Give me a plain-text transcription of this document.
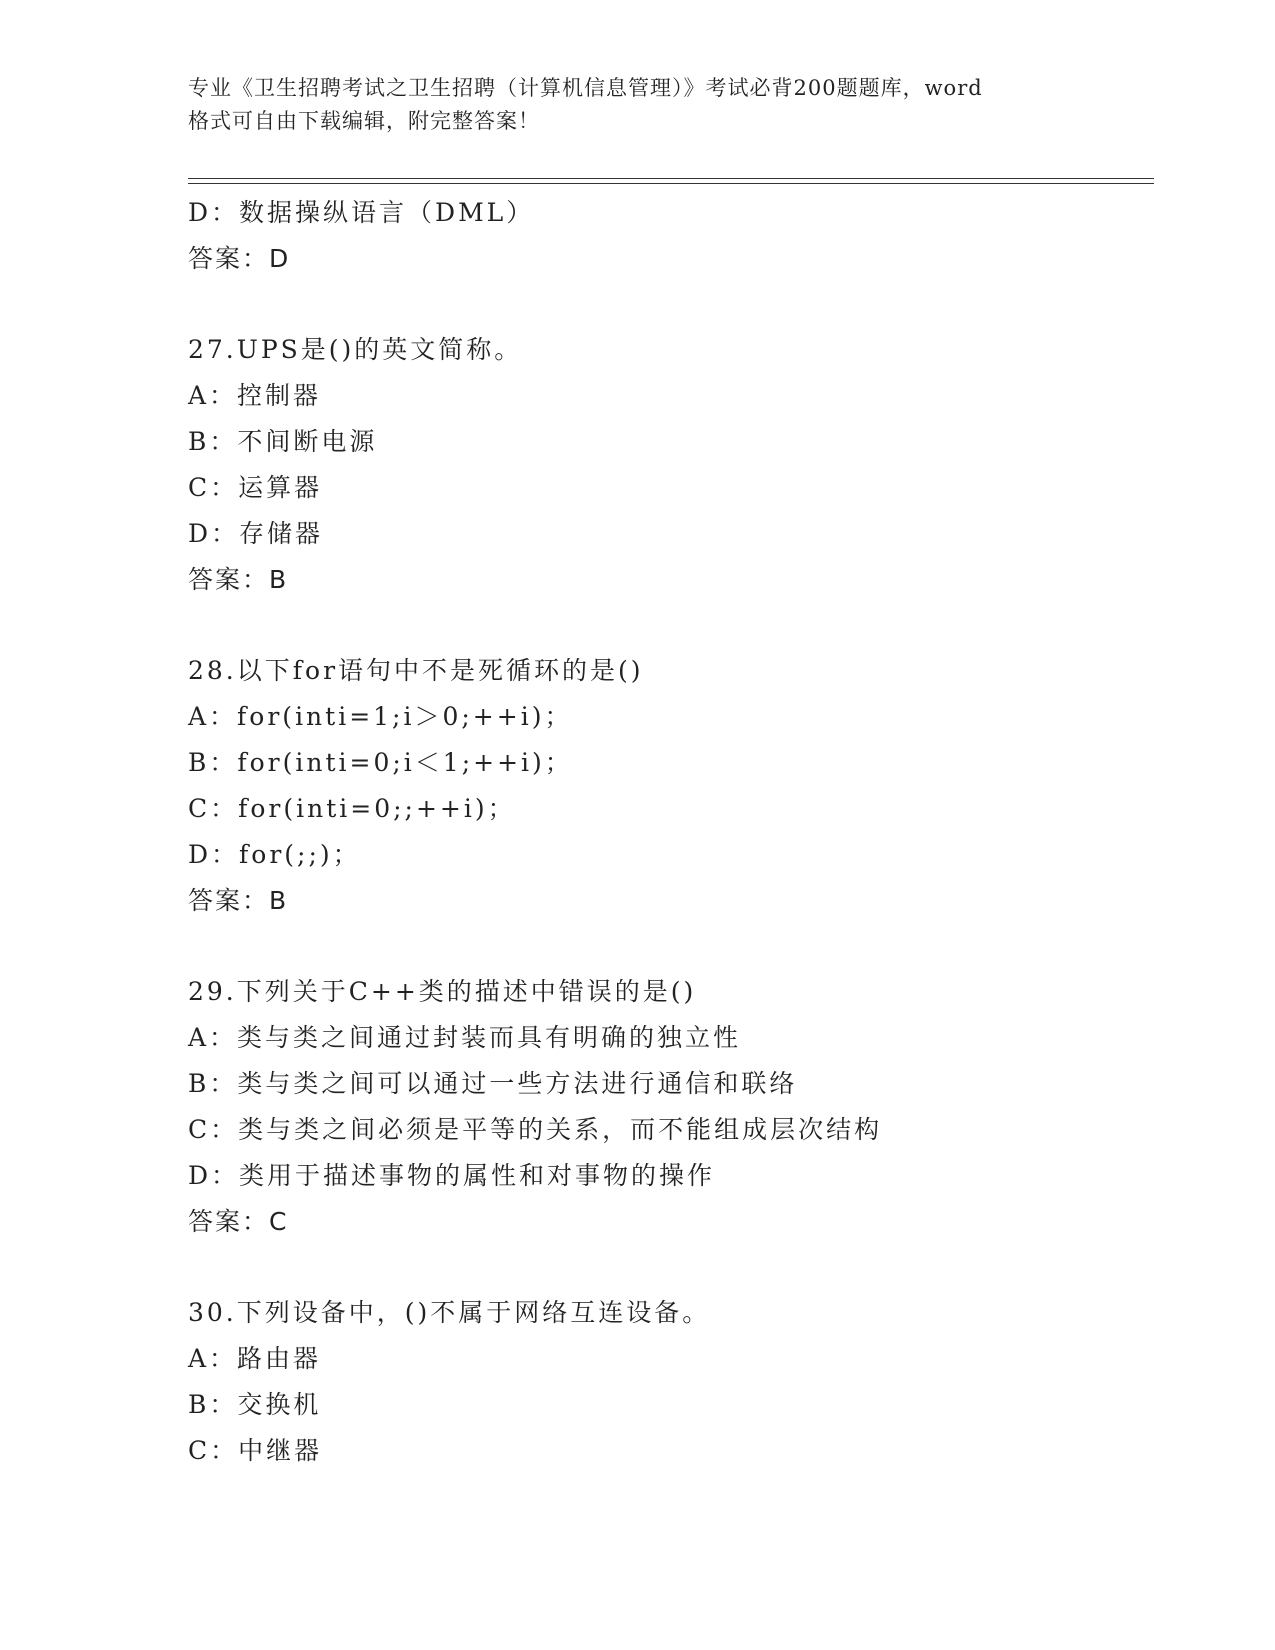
专业《卫生招聘考试之卫生招聘（计算机信息管理）》考试必背200题题库，word
格式可自由下载编辑，附完整答案！
D：数据操纵语言（DML）
答案：D
27.UPS是()的英文简称。
A：控制器
B：不间断电源
C：运算器
D：存储器
答案：B
28.以下for语句中不是死循环的是()
A：for(inti=1;i＞0;++i)；
B：for(inti=0;i＜1;++i)；
C：for(inti=0;;++i)；
D：for(;;)；
答案：B
29.下列关于C++类的描述中错误的是()
A：类与类之间通过封装而具有明确的独立性
B：类与类之间可以通过一些方法进行通信和联络
C：类与类之间必须是平等的关系，而不能组成层次结构
D：类用于描述事物的属性和对事物的操作
答案：C
30.下列设备中，()不属于网络互连设备。
A：路由器
B：交换机
C：中继器
